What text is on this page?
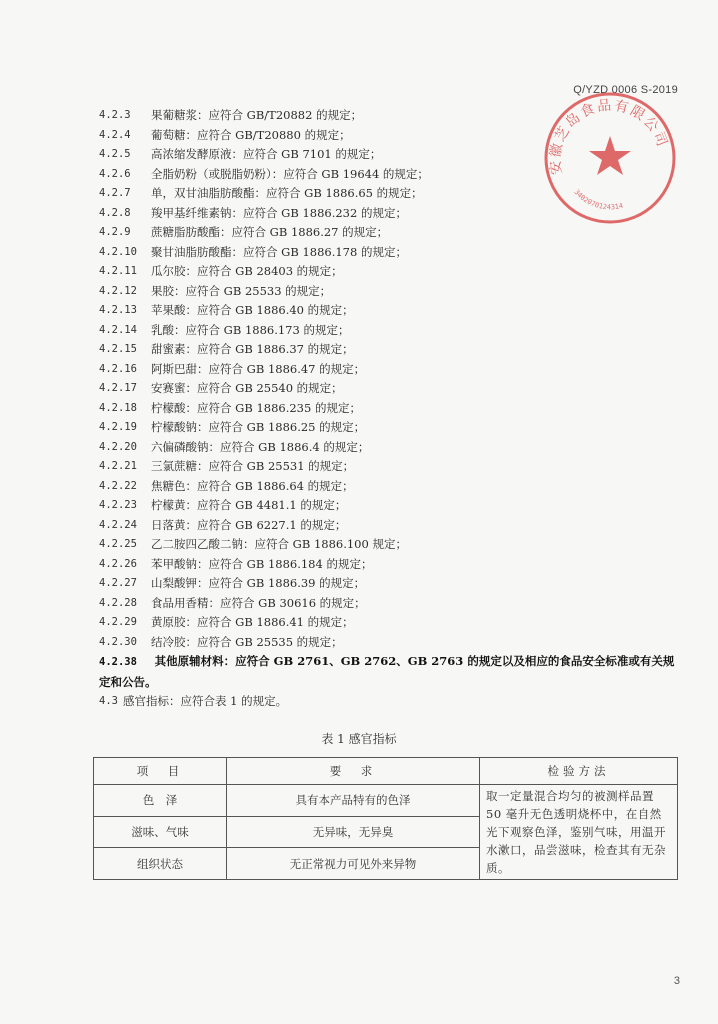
Q/YZD 0006 S-2019
安徽芝岛食品有限公司
3402070124314
4.2.3	果葡糖浆：应符合 GB/T20882 的规定；
4.2.4	葡萄糖：应符合 GB/T20880 的规定；
4.2.5	高浓缩发酵原液：应符合 GB 7101 的规定；
4.2.6	全脂奶粉（或脱脂奶粉）：应符合 GB 19644 的规定；
4.2.7	单，双甘油脂肪酸酯：应符合 GB 1886.65 的规定；
4.2.8	羧甲基纤维素钠：应符合 GB 1886.232 的规定；
4.2.9	蔗糖脂肪酸酯：应符合 GB 1886.27 的规定；
4.2.10	聚甘油脂肪酸酯：应符合 GB 1886.178 的规定；
4.2.11	瓜尔胶：应符合 GB 28403 的规定；
4.2.12	果胶：应符合 GB 25533 的规定；
4.2.13	苹果酸：应符合 GB 1886.40 的规定；
4.2.14	乳酸：应符合 GB 1886.173 的规定；
4.2.15	甜蜜素：应符合 GB 1886.37 的规定；
4.2.16	阿斯巴甜：应符合 GB 1886.47 的规定；
4.2.17	安赛蜜：应符合 GB 25540 的规定；
4.2.18	柠檬酸：应符合 GB 1886.235 的规定；
4.2.19	柠檬酸钠：应符合 GB 1886.25 的规定；
4.2.20	六偏磷酸钠：应符合 GB 1886.4 的规定；
4.2.21	三氯蔗糖：应符合 GB 25531 的规定；
4.2.22	焦糖色：应符合 GB 1886.64 的规定；
4.2.23	柠檬黄：应符合 GB 4481.1 的规定；
4.2.24	日落黄：应符合 GB 6227.1 的规定；
4.2.25	乙二胺四乙酸二钠：应符合 GB 1886.100 规定；
4.2.26	苯甲酸钠：应符合 GB 1886.184 的规定；
4.2.27	山梨酸钾：应符合 GB 1886.39 的规定；
4.2.28	食品用香精：应符合 GB 30616 的规定；
4.2.29	黄原胶：应符合 GB 1886.41 的规定；
4.2.30	结冷胶：应符合 GB 25535 的规定；
4.2.38 其他原辅材料：应符合 GB 2761、GB 2762、GB 2763 的规定以及相应的食品安全标准或有关规定和公告。
4.3 感官指标：应符合表 1 的规定。
表 1 感官指标
项　目	要　求	检验方法
色　泽	具有本产品特有的色泽	取一定量混合均匀的被测样品置 50 毫升无色透明烧杯中，在自然光下观察色泽，鉴别气味，用温开水漱口，品尝滋味，检查其有无杂质。
滋味、气味	无异味，无异臭	
组织状态	无正常视力可见外来异物	
3
